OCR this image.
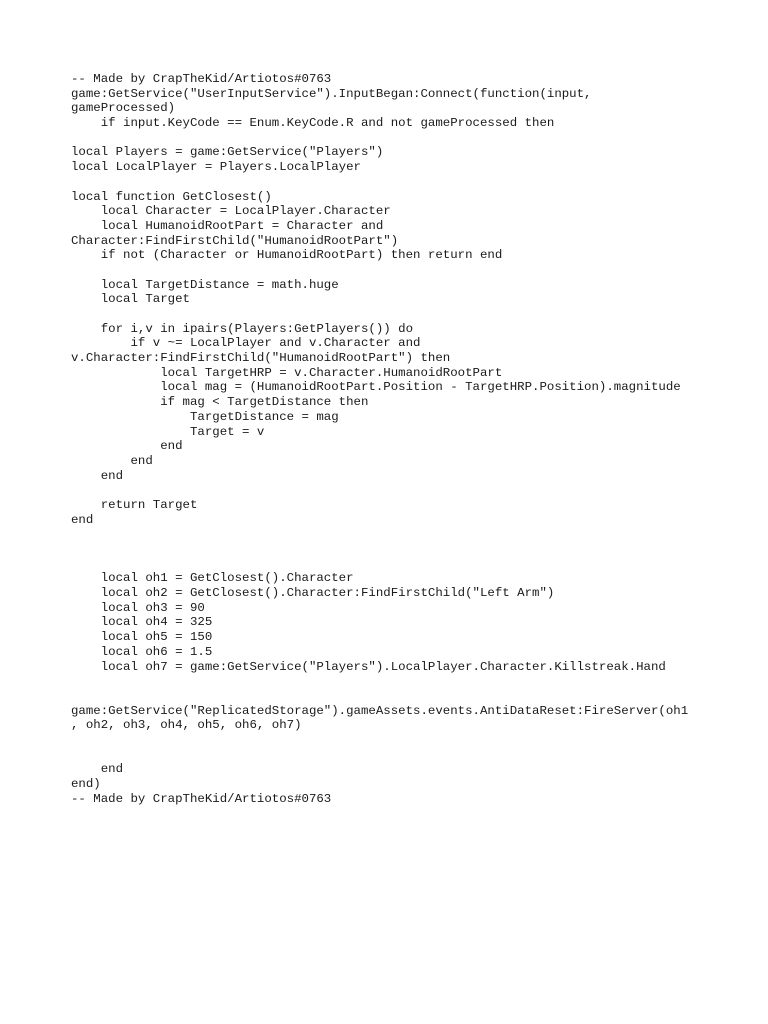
-- Made by CrapTheKid/Artiotos#0763
game:GetService("UserInputService").InputBegan:Connect(function(input,
gameProcessed)
if input.KeyCode == Enum.KeyCode.R and not gameProcessed then

local Players = game:GetService("Players")
local LocalPlayer = Players.LocalPlayer

local function GetClosest()
local Character = LocalPlayer.Character
local HumanoidRootPart = Character and
Character:FindFirstChild("HumanoidRootPart")
if not (Character or HumanoidRootPart) then return end

local TargetDistance = math.huge
local Target

for i,v in ipairs(Players:GetPlayers()) do
if v ~= LocalPlayer and v.Character and
v.Character:FindFirstChild("HumanoidRootPart") then
local TargetHRP = v.Character.HumanoidRootPart
local mag = (HumanoidRootPart.Position - TargetHRP.Position).magnitude
if mag < TargetDistance then
TargetDistance = mag
Target = v
end
end
end

return Target
end

local oh1 = GetClosest().Character
local oh2 = GetClosest().Character:FindFirstChild("Left Arm")
local oh3 = 90
local oh4 = 325
local oh5 = 150
local oh6 = 1.5
local oh7 = game:GetService("Players").LocalPlayer.Character.Killstreak.Hand

game:GetService("ReplicatedStorage").gameAssets.events.AntiDataReset:FireServer(oh1
, oh2, oh3, oh4, oh5, oh6, oh7)

end
end)
-- Made by CrapTheKid/Artiotos#0763
